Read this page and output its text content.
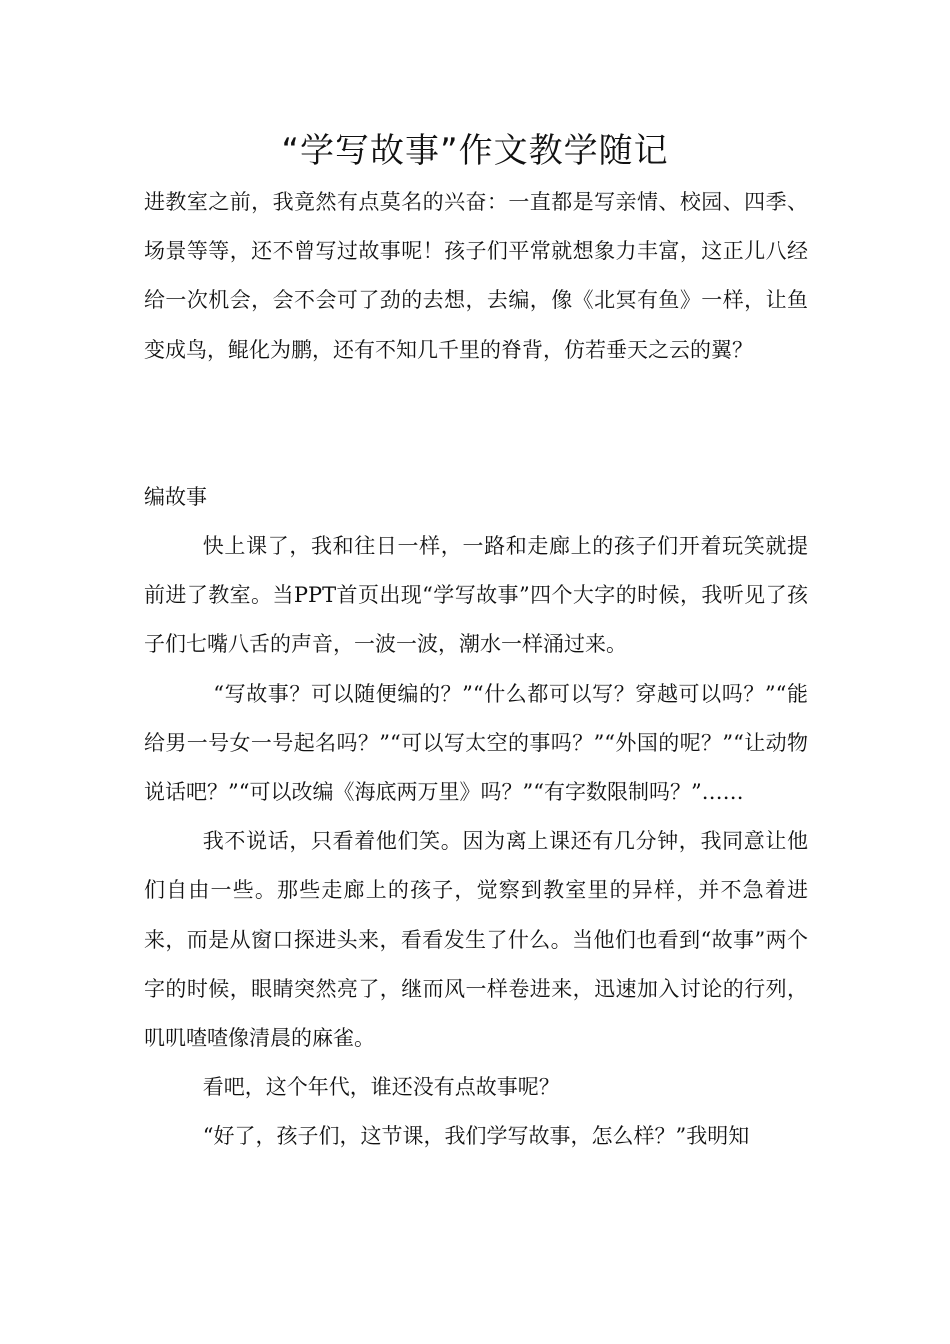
“学写故事”作文教学随记

进教室之前，我竟然有点莫名的兴奋：一直都是写亲情、校园、四季、场景等等，还不曾写过故事呢！孩子们平常就想象力丰富，这正儿八经给一次机会，会不会可了劲的去想，去编，像《北冥有鱼》一样，让鱼变成鸟，鲲化为鹏，还有不知几千里的脊背，仿若垂天之云的翼？

编故事

快上课了，我和往日一样，一路和走廊上的孩子们开着玩笑就提前进了教室。当PPT首页出现“学写故事”四个大字的时候，我听见了孩子们七嘴八舌的声音，一波一波，潮水一样涌过来。

“写故事？可以随便编的？”“什么都可以写？穿越可以吗？”“能给男一号女一号起名吗？”“可以写太空的事吗？”“外国的呢？”“让动物说话吧？”“可以改编《海底两万里》吗？”“有字数限制吗？”……

我不说话，只看着他们笑。因为离上课还有几分钟，我同意让他们自由一些。那些走廊上的孩子，觉察到教室里的异样，并不急着进来，而是从窗口探进头来，看看发生了什么。当他们也看到“故事”两个字的时候，眼睛突然亮了，继而风一样卷进来，迅速加入讨论的行列，叽叽喳喳像清晨的麻雀。

看吧，这个年代，谁还没有点故事呢？

“好了，孩子们，这节课，我们学写故事，怎么样？”我明知
